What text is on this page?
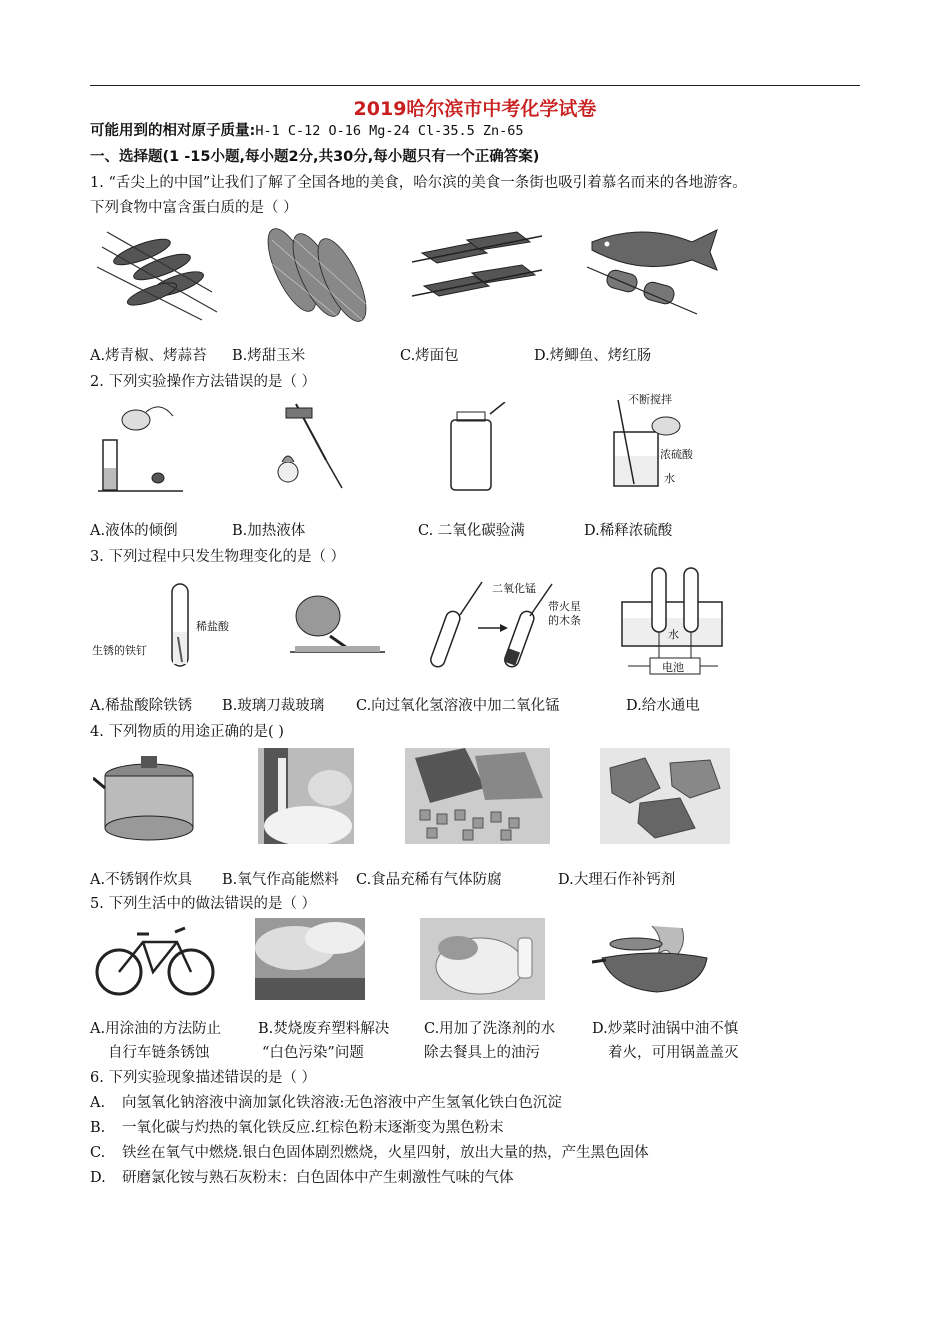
2019哈尔滨市中考化学试卷
可能用到的相对原子质量:H-1 C-12 O-16 Mg-24 Cl-35.5 Zn-65
一、选择题(1 -15小题,每小题2分,共30分,每小题只有一个正确答案)
1. “舌尖上的中国”让我们了解了全国各地的美食，哈尔滨的美食一条街也吸引着慕名而来的各地游客。
下列食物中富含蛋白质的是（ ）
A.烤青椒、烤蒜苔 B.烤甜玉米	C.烤面包	D.烤鲫鱼、烤红肠
2. 下列实验操作方法错误的是（ ）
不断搅拌
浓硫酸
水
A.液体的倾倒	B.加热液体	C. 二氧化碳验满	D.稀释浓硫酸
3. 下列过程中只发生物理变化的是（ ）
稀盐酸
生锈的铁钉
二氧化锰
带火星
的木条
水
电池
A.稀盐酸除铁锈 B.玻璃刀裁玻璃 C.向过氧化氢溶液中加二氧化锰	D.给水通电
4. 下列物质的用途正确的是( )
A.不锈钢作炊具 B.氧气作高能燃料 C.食品充稀有气体防腐	D.大理石作补钙剂
5. 下列生活中的做法错误的是（ ）
A.用涂油的方法防止
自行车链条锈蚀
B.焚烧废弃塑料解决
“白色污染”问题
C.用加了洗涤剂的水
除去餐具上的油污
D.炒菜时油锅中油不慎
着火，可用锅盖盖灭
6. 下列实验现象描述错误的是（ ）
A. 向氢氧化钠溶液中滴加氯化铁溶液:无色溶液中产生氢氧化铁白色沉淀
B. 一氧化碳与灼热的氧化铁反应.红棕色粉末逐渐变为黑色粉末
C. 铁丝在氧气中燃烧.银白色固体剧烈燃烧，火星四射，放出大量的热，产生黑色固体
D. 研磨氯化铵与熟石灰粉末：白色固体中产生刺激性气味的气体
